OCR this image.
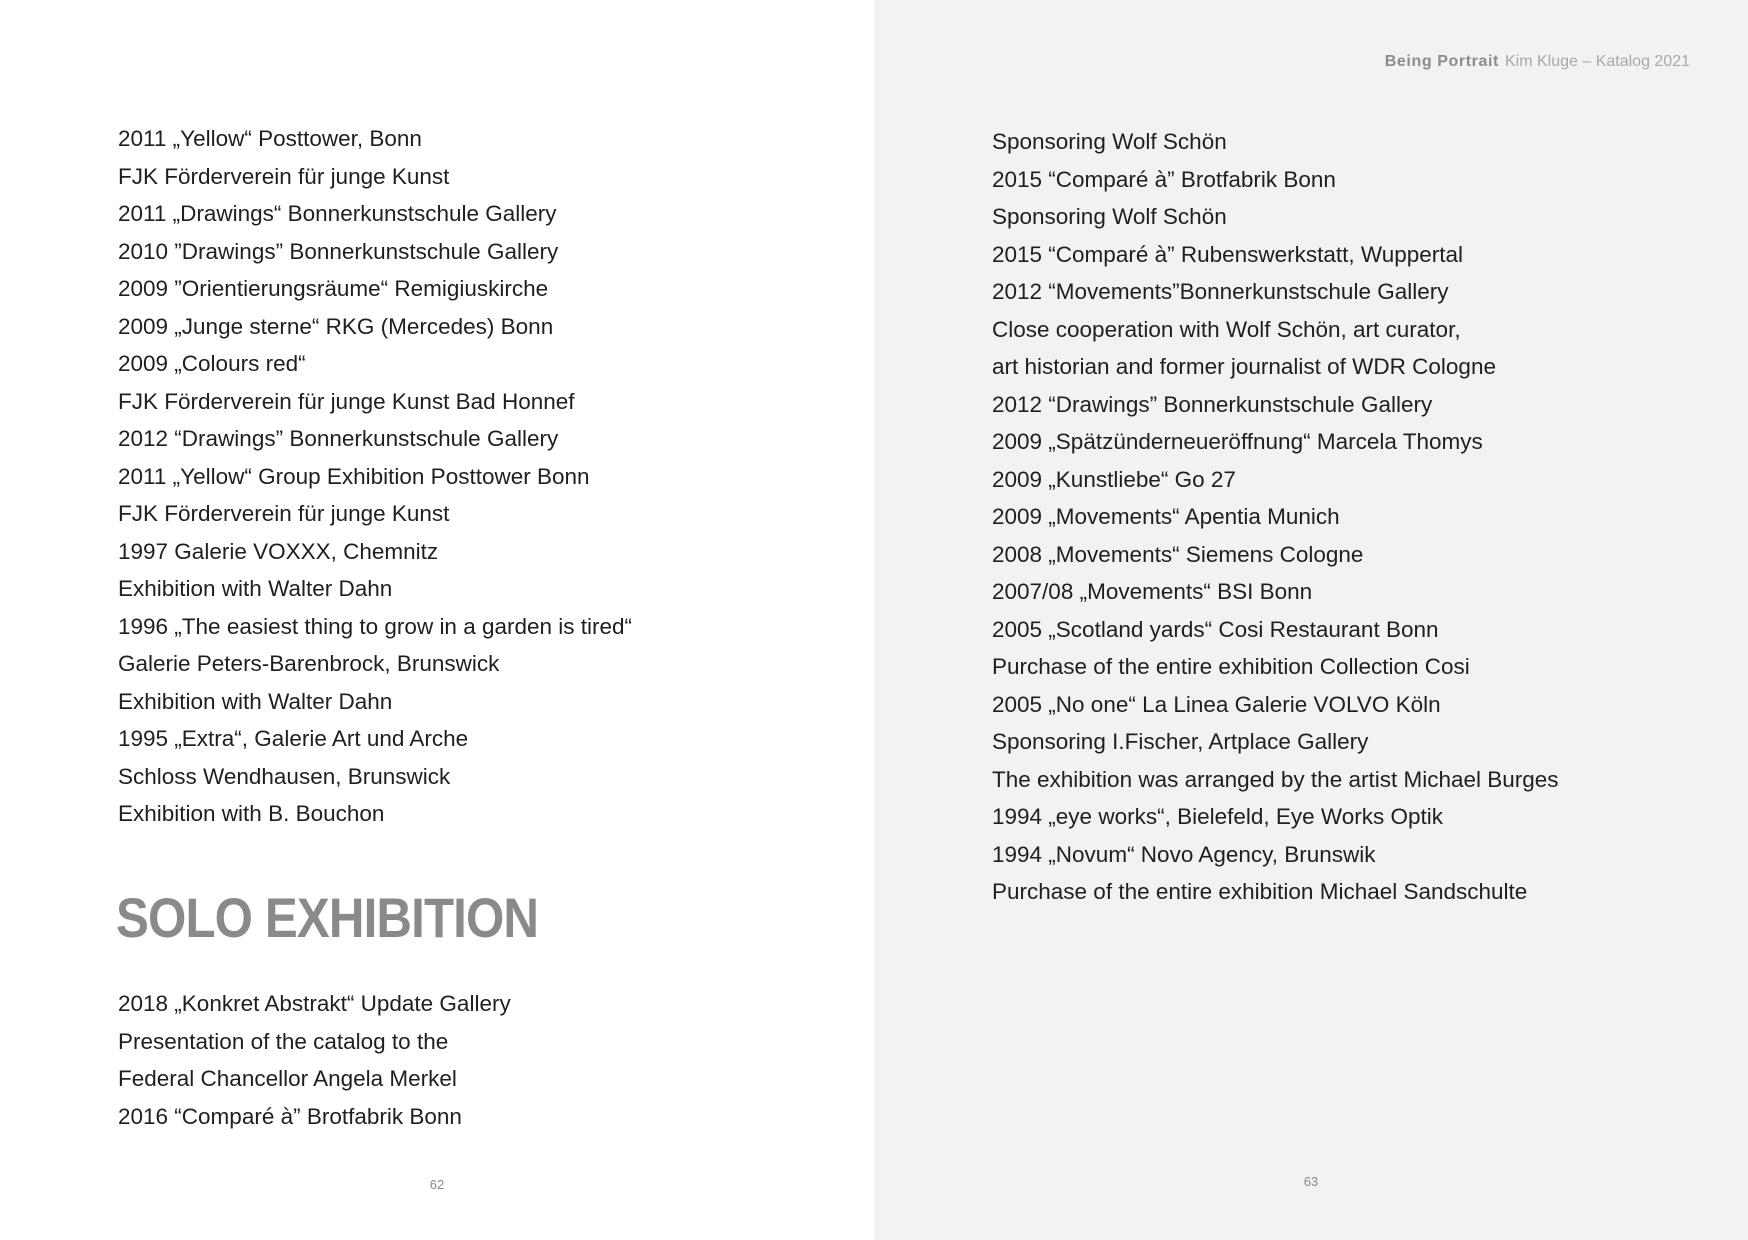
2011 „Yellow“ Posttower, Bonn
FJK Förderverein für junge Kunst
2011 „Drawings“ Bonnerkunstschule Gallery
2010 ”Drawings” Bonnerkunstschule Gallery
2009 ”Orientierungsräume“ Remigiuskirche
2009 „Junge sterne“ RKG (Mercedes) Bonn
2009 „Colours red“
FJK Förderverein für junge Kunst Bad Honnef
2012 “Drawings” Bonnerkunstschule Gallery
2011 „Yellow“ Group Exhibition Posttower Bonn
FJK Förderverein für junge Kunst
1997 Galerie VOXXX, Chemnitz
Exhibition with Walter Dahn
1996 „The easiest thing to grow in a garden is tired“
Galerie Peters-Barenbrock, Brunswick
Exhibition with Walter Dahn
1995 „Extra“, Galerie Art und Arche
Schloss Wendhausen, Brunswick
Exhibition with B. Bouchon
SOLO EXHIBITION
2018 „Konkret Abstrakt“ Update Gallery
Presentation of the catalog to the
Federal Chancellor Angela Merkel
2016 “Comparé à” Brotfabrik Bonn
62
Being Portrait Kim Kluge – Katalog 2021
Sponsoring Wolf Schön
2015 “Comparé à” Brotfabrik Bonn
Sponsoring Wolf Schön
2015 “Comparé à” Rubenswerkstatt, Wuppertal
2012 “Movements”Bonnerkunstschule Gallery
Close cooperation with Wolf Schön, art curator,
art historian and former journalist of WDR Cologne
2012 “Drawings” Bonnerkunstschule Gallery
2009 „Spätzünderneueröffnung“ Marcela Thomys
2009 „Kunstliebe“ Go 27
2009 „Movements“ Apentia Munich
2008 „Movements“ Siemens Cologne
2007/08 „Movements“ BSI Bonn
2005 „Scotland yards“ Cosi Restaurant Bonn
Purchase of the entire exhibition Collection Cosi
2005 „No one“ La Linea Galerie VOLVO Köln
Sponsoring I.Fischer, Artplace Gallery
The exhibition was arranged by the artist Michael Burges
1994 „eye works“, Bielefeld, Eye Works Optik
1994 „Novum“ Novo Agency, Brunswik
Purchase of the entire exhibition Michael Sandschulte
63
